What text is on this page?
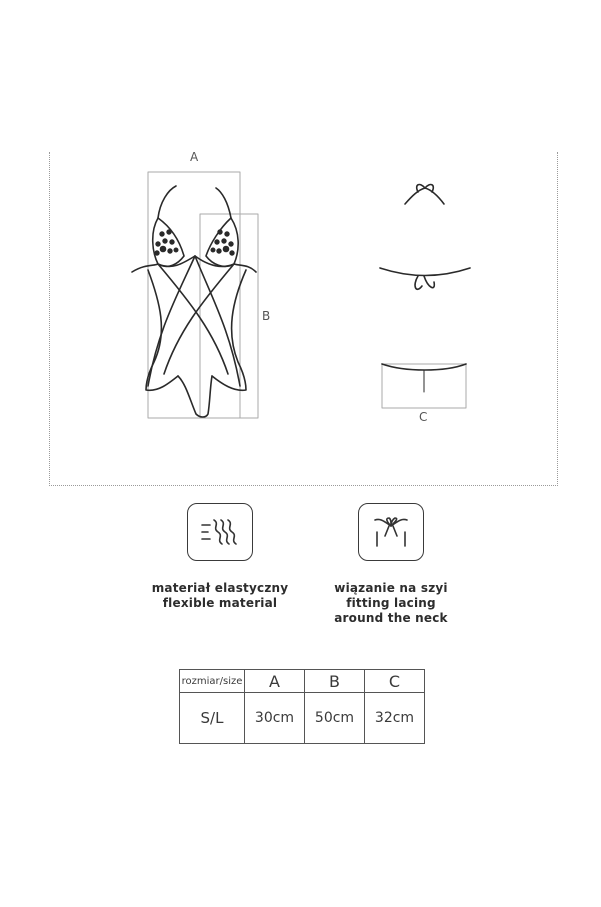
A
B
C
materiał elastyczny
flexible material
wiązanie na szyi
fitting lacing
around the neck
rozmiar/size	A	B	C
S/L	30cm	50cm	32cm
